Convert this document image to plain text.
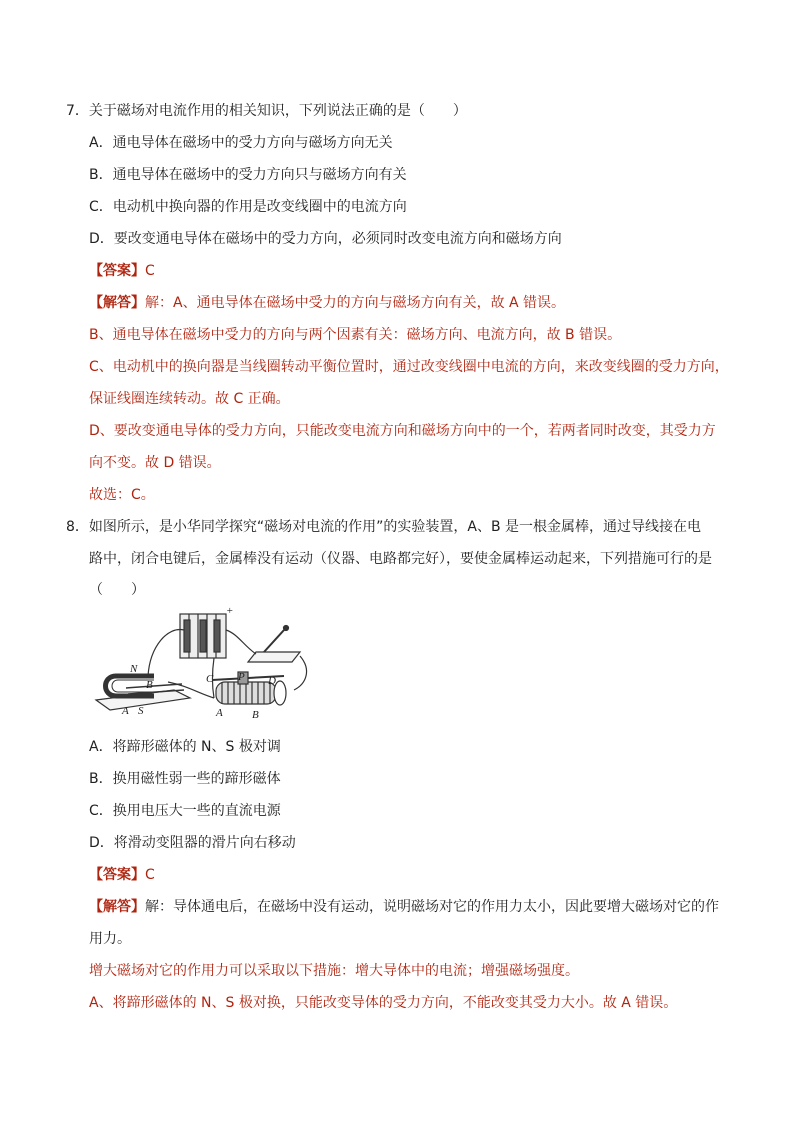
7．关于磁场对电流作用的相关知识，下列说法正确的是（　　）
A．通电导体在磁场中的受力方向与磁场方向无关
B．通电导体在磁场中的受力方向只与磁场方向有关
C．电动机中换向器的作用是改变线圈中的电流方向
D．要改变通电导体在磁场中的受力方向，必须同时改变电流方向和磁场方向
【答案】C
【解答】解：A、通电导体在磁场中受力的方向与磁场方向有关，故 A 错误。
B、通电导体在磁场中受力的方向与两个因素有关：磁场方向、电流方向，故 B 错误。
C、电动机中的换向器是当线圈转动平衡位置时，通过改变线圈中电流的方向，来改变线圈的受力方向，
保证线圈连续转动。故 C 正确。
D、要改变通电导体的受力方向，只能改变电流方向和磁场方向中的一个，若两者同时改变，其受力方
向不变。故 D 错误。
故选：C。
8．如图所示，是小华同学探究“磁场对电流的作用”的实验装置，A、B 是一根金属棒，通过导线接在电
路中，闭合电键后，金属棒没有运动（仪器、电路都完好），要使金属棒运动起来，下列措施可行的是
（　　）
N
S
A
B	C P D
A	B
+
A．将蹄形磁体的 N、S 极对调
B．换用磁性弱一些的蹄形磁体
C．换用电压大一些的直流电源
D．将滑动变阻器的滑片向右移动
【答案】C
【解答】解：导体通电后，在磁场中没有运动，说明磁场对它的作用力太小，因此要增大磁场对它的作
用力。
增大磁场对它的作用力可以采取以下措施：增大导体中的电流；增强磁场强度。
A、将蹄形磁体的 N、S 极对换，只能改变导体的受力方向，不能改变其受力大小。故 A 错误。
